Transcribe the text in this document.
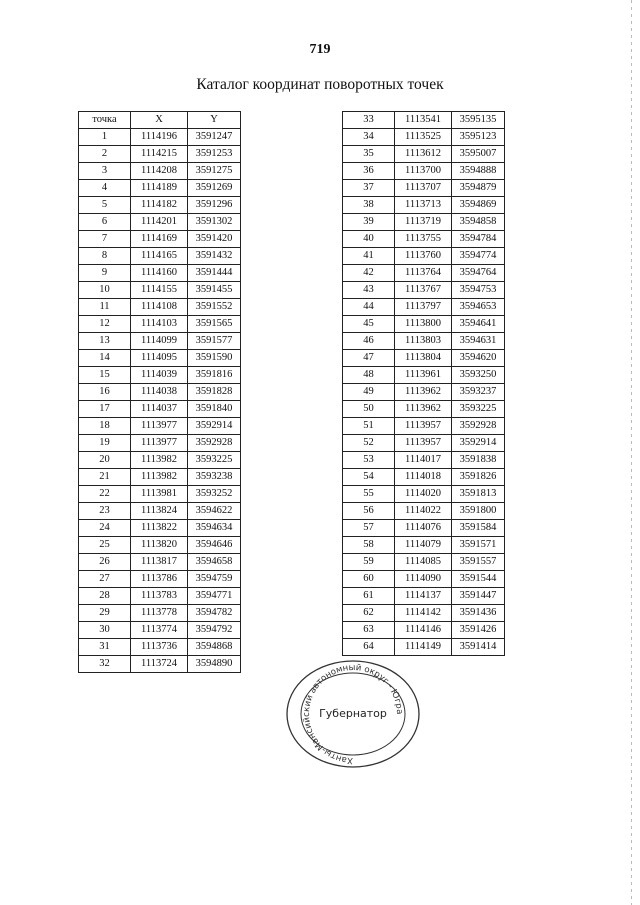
719
Каталог координат поворотных точек
точка	X	Y
1	1114196	3591247
2	1114215	3591253
3	1114208	3591275
4	1114189	3591269
5	1114182	3591296
6	1114201	3591302
7	1114169	3591420
8	1114165	3591432
9	1114160	3591444
10	1114155	3591455
11	1114108	3591552
12	1114103	3591565
13	1114099	3591577
14	1114095	3591590
15	1114039	3591816
16	1114038	3591828
17	1114037	3591840
18	1113977	3592914
19	1113977	3592928
20	1113982	3593225
21	1113982	3593238
22	1113981	3593252
23	1113824	3594622
24	1113822	3594634
25	1113820	3594646
26	1113817	3594658
27	1113786	3594759
28	1113783	3594771
29	1113778	3594782
30	1113774	3594792
31	1113736	3594868
32	1113724	3594890
33	1113541	3595135
34	1113525	3595123
35	1113612	3595007
36	1113700	3594888
37	1113707	3594879
38	1113713	3594869
39	1113719	3594858
40	1113755	3594784
41	1113760	3594774
42	1113764	3594764
43	1113767	3594753
44	1113797	3594653
45	1113800	3594641
46	1113803	3594631
47	1113804	3594620
48	1113961	3593250
49	1113962	3593237
50	1113962	3593225
51	1113957	3592928
52	1113957	3592914
53	1114017	3591838
54	1114018	3591826
55	1114020	3591813
56	1114022	3591800
57	1114076	3591584
58	1114079	3591571
59	1114085	3591557
60	1114090	3591544
61	1114137	3591447
62	1114142	3591436
63	1114146	3591426
64	1114149	3591414
Ханты-Мансийский автономный округ - Югра
Губернатор
